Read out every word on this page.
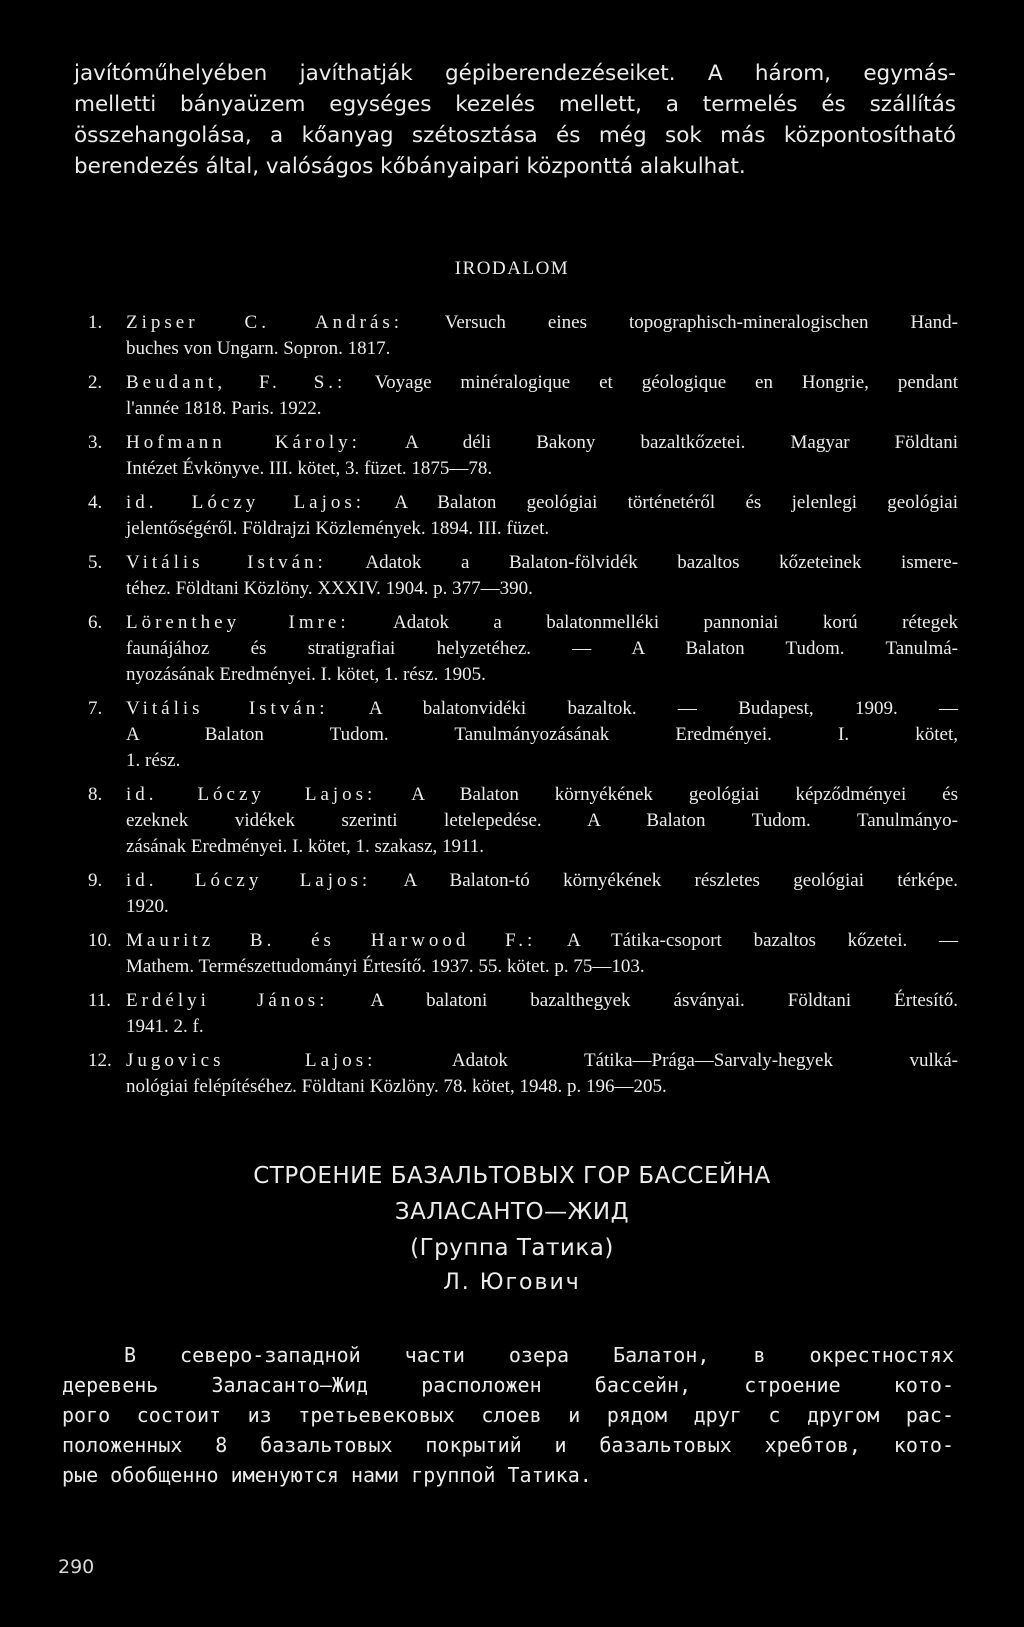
javítóműhelyében javíthatják gépiberendezéseiket. A három, egymás-
melletti bányaüzem egységes kezelés mellett, a termelés és szállítás
összehangolása, a kőanyag szétosztása és még sok más központosítható
berendezés által, valóságos kőbányaipari központtá alakulhat.
IRODALOM
1. Zipser C. András: Versuch eines topographisch-mineralogischen Hand-
buches von Ungarn. Sopron. 1817.
2. Beudant, F. S.: Voyage minéralogique et géologique en Hongrie, pendant
l'année 1818. Paris. 1922.
3. Hofmann Károly: A déli Bakony bazaltkőzetei. Magyar Földtani
Intézet Évkönyve. III. kötet, 3. füzet. 1875—78.
4. id. Lóczy Lajos: A Balaton geológiai történetéről és jelenlegi geológiai
jelentőségéről. Földrajzi Közlemények. 1894. III. füzet.
5. Vitális István: Adatok a Balaton-fölvidék bazaltos kőzeteinek ismere-
téhez. Földtani Közlöny. XXXIV. 1904. p. 377—390.
6. Lörenthey Imre: Adatok a balatonmelléki pannoniai korú rétegek
faunájához és stratigrafiai helyzetéhez. — A Balaton Tudom. Tanulmá-
nyozásának Eredményei. I. kötet, 1. rész. 1905.
7. Vitális István: A balatonvidéki bazaltok. — Budapest, 1909. —
A Balaton Tudom. Tanulmányozásának Eredményei. I. kötet,
1. rész.
8. id. Lóczy Lajos: A Balaton környékének geológiai képződményei és
ezeknek vidékek szerinti letelepedése. A Balaton Tudom. Tanulmányo-
zásának Eredményei. I. kötet, 1. szakasz, 1911.
9. id. Lóczy Lajos: A Balaton-tó környékének részletes geológiai térképe.
1920.
10. Mauritz B. és Harwood F.: A Tátika-csoport bazaltos kőzetei. —
Mathem. Természettudományi Értesítő. 1937. 55. kötet. p. 75—103.
11. Erdélyi János: A balatoni bazalthegyek ásványai. Földtani Értesítő.
1941. 2. f.
12. Jugovics Lajos:	Adatok Tátika—Prága—Sarvaly-hegyek vulká-
nológiai felépítéséhez. Földtani Közlöny. 78. kötet, 1948. p. 196—205.
СТРОЕНИЕ БАЗАЛЬТОВЫХ ГОР БАССЕЙНА
ЗАЛАСАНТО—ЖИД
(Группа Татика)

Л. Югович

В северо-западной части озера Балатон, в окрестностях
деревень Заласанто—Жид расположен бассейн, строение кото-
рого состоит из третьевековых слоев и рядом друг с другом рас-
положенных 8 базальтовых покрытий и базальтовых хребтов, кото-
рые обобщенно именуются нами группой Татика.
290
